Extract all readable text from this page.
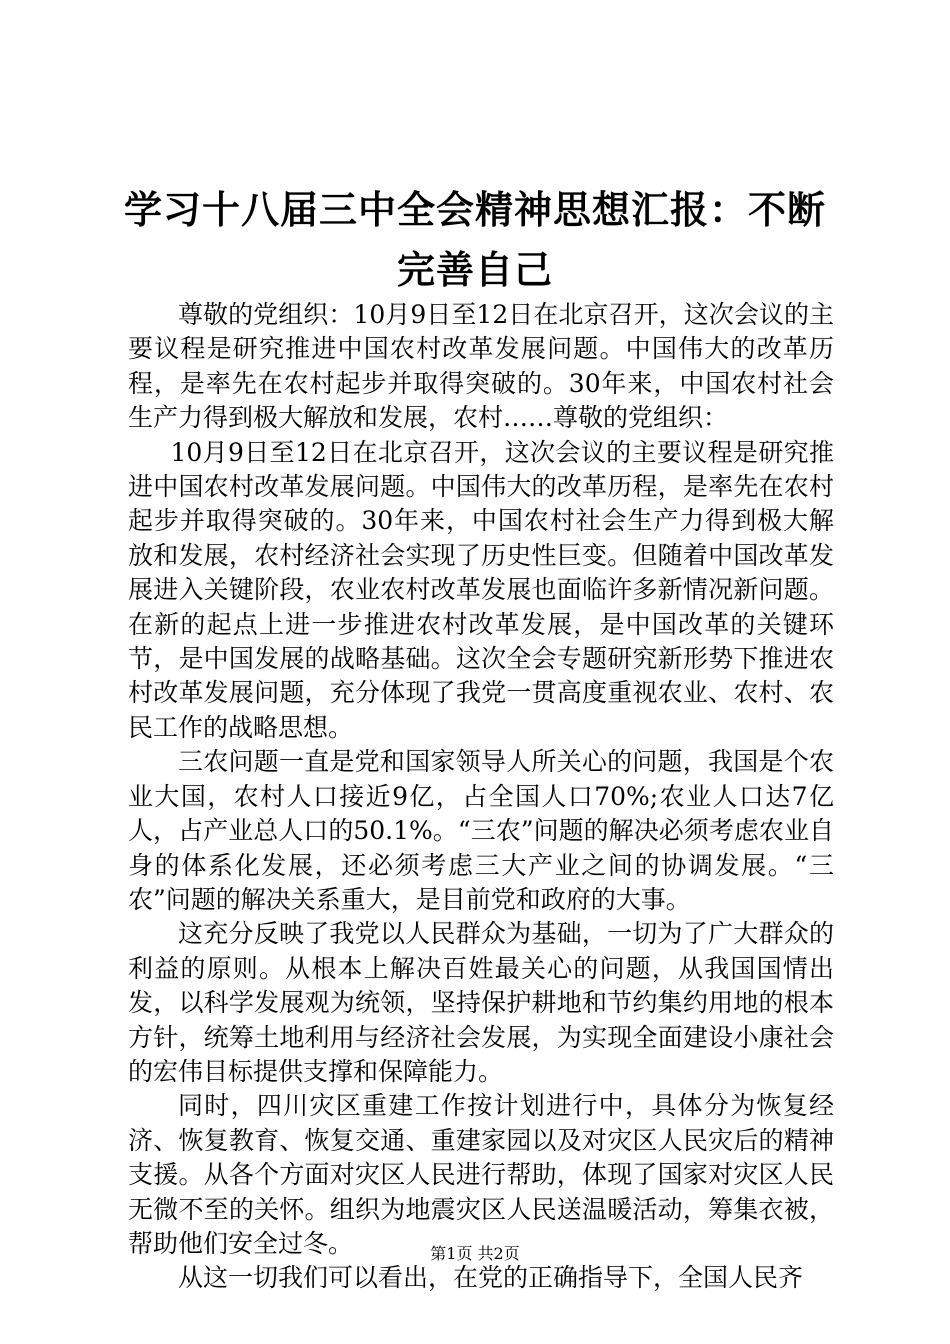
学习十八届三中全会精神思想汇报：不断完善自己

尊敬的党组织：10月9日至12日在北京召开，这次会议的主要议程是研究推进中国农村改革发展问题。中国伟大的改革历程，是率先在农村起步并取得突破的。30年来，中国农村社会生产力得到极大解放和发展，农村……尊敬的党组织：

10月9日至12日在北京召开，这次会议的主要议程是研究推进中国农村改革发展问题。中国伟大的改革历程，是率先在农村起步并取得突破的。30年来，中国农村社会生产力得到极大解放和发展，农村经济社会实现了历史性巨变。但随着中国改革发展进入关键阶段，农业农村改革发展也面临许多新情况新问题。在新的起点上进一步推进农村改革发展，是中国改革的关键环节，是中国发展的战略基础。这次全会专题研究新形势下推进农村改革发展问题，充分体现了我党一贯高度重视农业、农村、农民工作的战略思想。

三农问题一直是党和国家领导人所关心的问题，我国是个农业大国，农村人口接近9亿，占全国人口70%;农业人口达7亿人，占产业总人口的50.1%。“三农”问题的解决必须考虑农业自身的体系化发展，还必须考虑三大产业之间的协调发展。“三农”问题的解决关系重大，是目前党和政府的大事。

这充分反映了我党以人民群众为基础，一切为了广大群众的利益的原则。从根本上解决百姓最关心的问题，从我国国情出发，以科学发展观为统领，坚持保护耕地和节约集约用地的根本方针，统筹土地利用与经济社会发展，为实现全面建设小康社会的宏伟目标提供支撑和保障能力。

同时，四川灾区重建工作按计划进行中，具体分为恢复经济、恢复教育、恢复交通、重建家园以及对灾区人民灾后的精神支援。从各个方面对灾区人民进行帮助，体现了国家对灾区人民无微不至的关怀。组织为地震灾区人民送温暖活动，筹集衣被，帮助他们安全过冬。

从这一切我们可以看出，在党的正确指导下，全国人民齐

第1页 共2页
